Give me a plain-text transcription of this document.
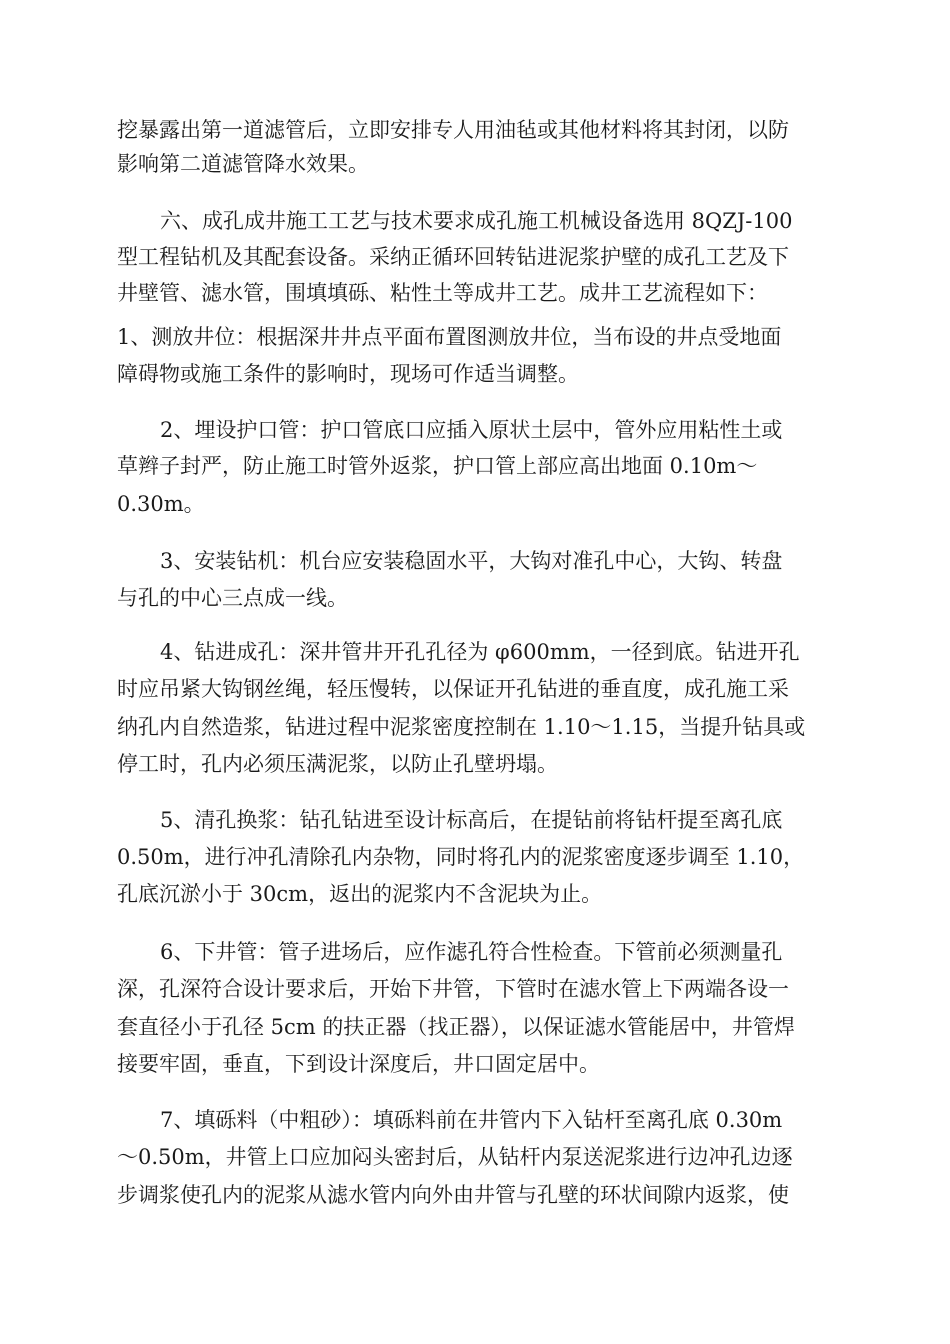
挖暴露出第一道滤管后，立即安排专人用油毡或其他材料将其封闭，以防
影响第二道滤管降水效果。
六、成孔成井施工工艺与技术要求成孔施工机械设备选用 8QZJ-100
型工程钻机及其配套设备。采纳正循环回转钻进泥浆护壁的成孔工艺及下
井壁管、滤水管，围填填砾、粘性土等成井工艺。成井工艺流程如下：
1、测放井位：根据深井井点平面布置图测放井位，当布设的井点受地面
障碍物或施工条件的影响时，现场可作适当调整。
2、埋设护口管：护口管底口应插入原状土层中，管外应用粘性土或
草辫子封严，防止施工时管外返浆，护口管上部应高出地面 0.10m～
0.30m。
3、安装钻机：机台应安装稳固水平，大钩对准孔中心，大钩、转盘
与孔的中心三点成一线。
4、钻进成孔：深井管井开孔孔径为 φ600mm，一径到底。钻进开孔
时应吊紧大钩钢丝绳，轻压慢转，以保证开孔钻进的垂直度，成孔施工采
纳孔内自然造浆，钻进过程中泥浆密度控制在 1.10～1.15，当提升钻具或
停工时，孔内必须压满泥浆，以防止孔壁坍塌。
5、清孔换浆：钻孔钻进至设计标高后，在提钻前将钻杆提至离孔底
0.50m，进行冲孔清除孔内杂物，同时将孔内的泥浆密度逐步调至 1.10，
孔底沉淤小于 30cm，返出的泥浆内不含泥块为止。
6、下井管：管子进场后，应作滤孔符合性检查。下管前必须测量孔
深，孔深符合设计要求后，开始下井管，下管时在滤水管上下两端各设一
套直径小于孔径 5cm 的扶正器（找正器），以保证滤水管能居中，井管焊
接要牢固，垂直，下到设计深度后，井口固定居中。
7、填砾料（中粗砂）：填砾料前在井管内下入钻杆至离孔底 0.30m
～0.50m，井管上口应加闷头密封后，从钻杆内泵送泥浆进行边冲孔边逐
步调浆使孔内的泥浆从滤水管内向外由井管与孔壁的环状间隙内返浆，使
